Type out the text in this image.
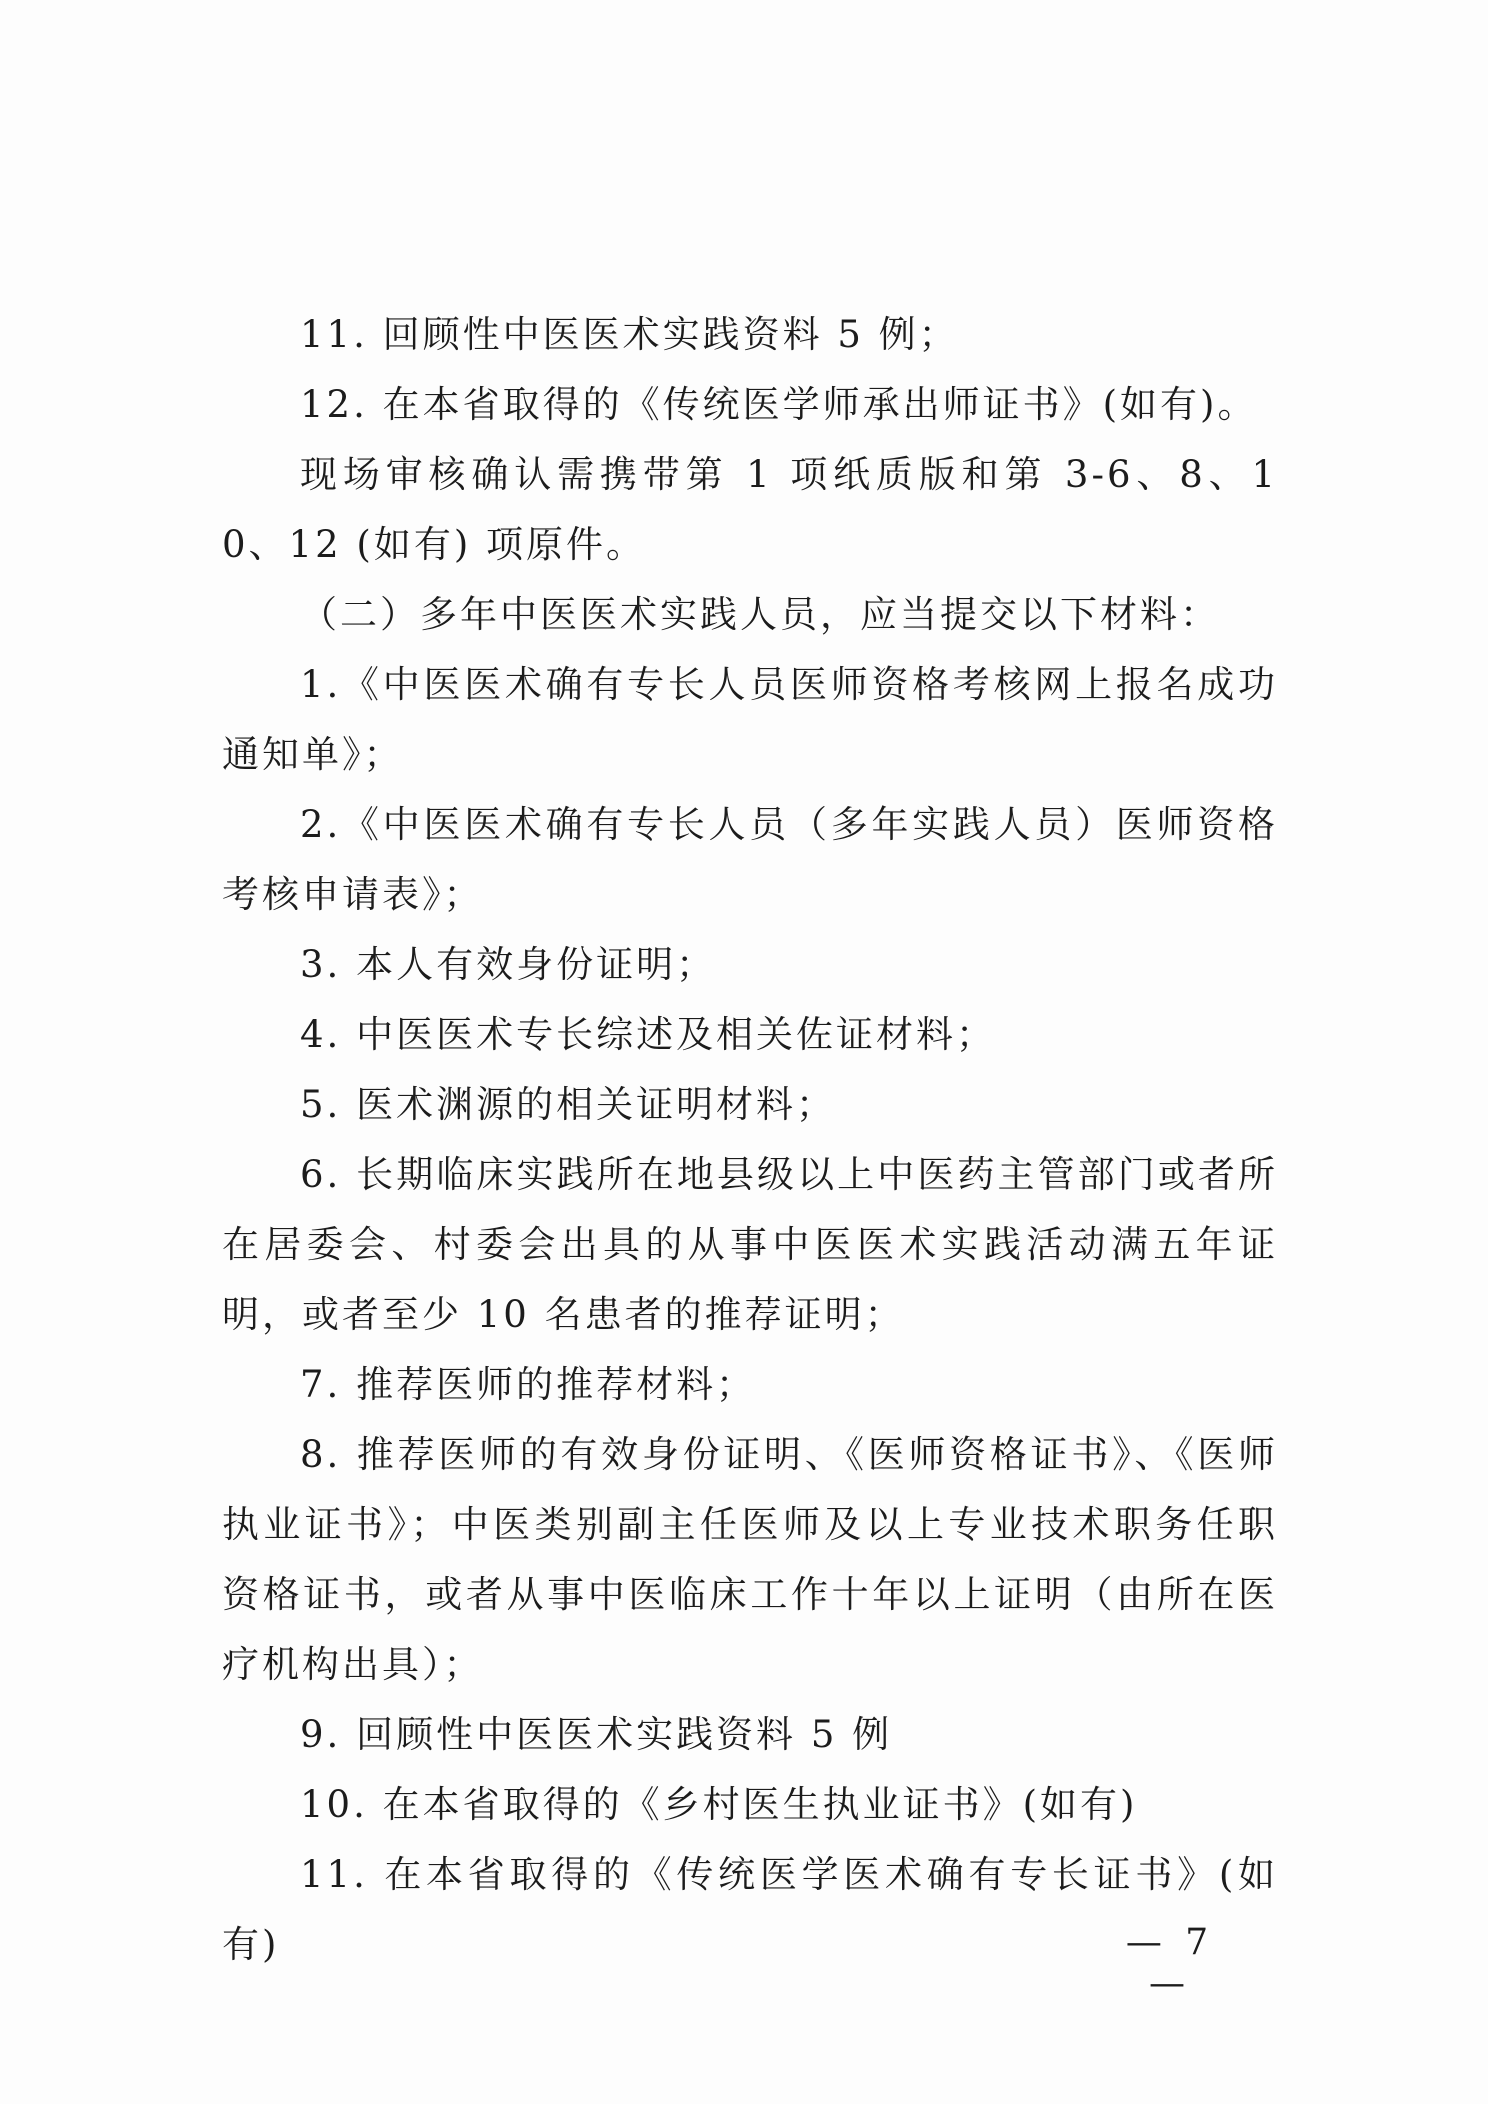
11. 回顾性中医医术实践资料 5 例；

12. 在本省取得的《传统医学师承出师证书》(如有)。

现场审核确认需携带第 1 项纸质版和第 3-6、8、10、12 (如有) 项原件。

（二）多年中医医术实践人员，应当提交以下材料：

1.《中医医术确有专长人员医师资格考核网上报名成功通知单》；

2.《中医医术确有专长人员（多年实践人员）医师资格考核申请表》；

3. 本人有效身份证明；

4. 中医医术专长综述及相关佐证材料；

5. 医术渊源的相关证明材料；

6. 长期临床实践所在地县级以上中医药主管部门或者所在居委会、村委会出具的从事中医医术实践活动满五年证明，或者至少 10 名患者的推荐证明；

7. 推荐医师的推荐材料；

8. 推荐医师的有效身份证明、《医师资格证书》、《医师执业证书》；中医类别副主任医师及以上专业技术职务任职资格证书，或者从事中医临床工作十年以上证明（由所在医疗机构出具）；

9. 回顾性中医医术实践资料 5 例

10. 在本省取得的《乡村医生执业证书》(如有)

11. 在本省取得的《传统医学医术确有专长证书》(如有)	— 7 —
